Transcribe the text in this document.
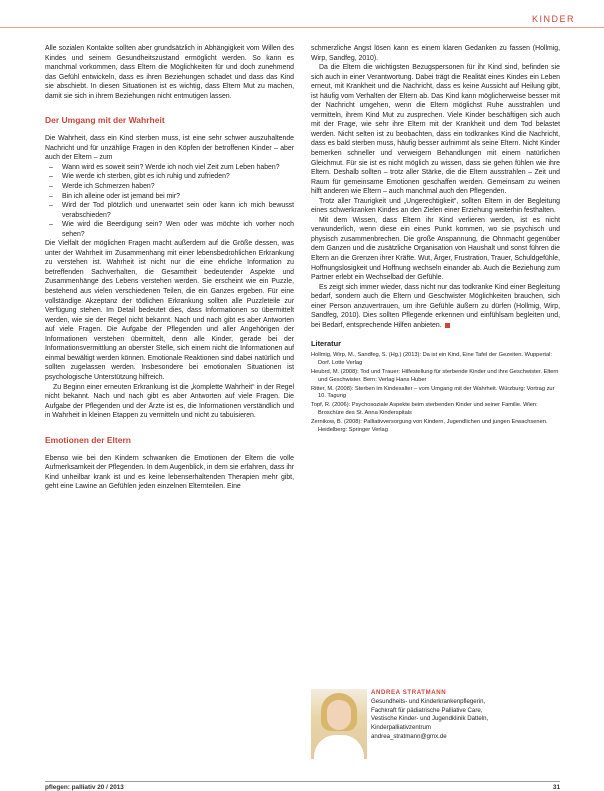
KINDER

Alle sozialen Kontakte sollten aber grundsätzlich in Abhängigkeit vom Willen des Kindes und seinem Gesundheitszustand ermöglicht werden. So kann es manchmal vorkommen, dass Eltern die Möglichkeiten für und doch zunehmend das Gefühl entwickeln, dass es ihren Beziehungen schadet und dass das Kind sie abschiebt. In diesen Situationen ist es wichtig, dass Eltern Mut zu machen, damit sie sich in ihrem Beziehungen nicht entmutigen lassen.

Der Umgang mit der Wahrheit

Die Wahrheit, dass ein Kind sterben muss, ist eine sehr schwer auszuhaltende Nachricht und für unzählige Fragen in den Köpfen der betroffenen Kinder – aber auch der Eltern – zum

– Wann wird es soweit sein? Werde ich noch viel Zeit zum Leben haben?
– Wie werde ich sterben, gibt es ich ruhig und zufrieden?
– Werde ich Schmerzen haben?
– Bin ich alleine oder ist jemand bei mir?
– Wird der Tod plötzlich und unerwartet sein oder kann ich mich bewusst verabschieden?
– Wie wird die Beerdigung sein? Wen oder was möchte ich vorher noch sehen?

Die Vielfalt der möglichen Fragen macht außerdem auf die Größe dessen, was unter der Wahrheit im Zusammenhang mit einer lebensbedrohlichen Erkrankung zu verstehen ist. Wahrheit ist nicht nur die eine ehrliche Information zu betreffenden Sachverhalten, die Gesamtheit bedeutender Aspekte und Zusammenhänge des Lebens verstehen werden. Sie erscheint wie ein Puzzle, bestehend aus vielen verschiedenen Teilen, die ein Ganzes ergeben. Für eine vollständige Akzeptanz der tödlichen Erkrankung sollten alle Puzzleteile zur Verfügung stehen. Im Detail bedeutet dies, dass Informationen so übermittelt werden, wie sie der Regel nicht bekannt. Nach und nach gibt es aber Antworten auf viele Fragen. Die Aufgabe der Pflegenden und aller Angehörigen der Informationen verstehen übermittelt, denn alle Kinder, gerade bei der Informationsvermittlung an oberster Stelle, sich einem nicht die Informationen auf einmal bewältigt werden können. Emotionale Reaktionen sind dabei natürlich und sollten zugelassen werden. Insbesondere bei emotionalen Situationen ist psychologische Unterstützung hilfreich.

Zu Beginn einer erneuten Erkrankung ist die „komplette Wahrheit“ in der Regel nicht bekannt. Nach und nach gibt es aber Antworten auf viele Fragen. Die Aufgabe der Pflegenden und der Ärzte ist es, die Informationen verständlich und in Wahrheit in kleinen Etappen zu vermitteln und nicht zu tabuisieren.

Emotionen der Eltern

Ebenso wie bei den Kindern schwanken die Emotionen der Eltern die volle Aufmerksamkeit der Pflegenden. In dem Augenblick, in dem sie erfahren, dass ihr Kind unheilbar krank ist und es keine lebenserhaltenden Therapien mehr gibt, geht eine Lawine an Gefühlen jeden einzelnen Elternteilen. Eine

schmerzliche Angst lösen kann es einem klaren Gedanken zu fassen (Hollmig, Wirp, Sandfeg, 2010).

Da die Eltern die wichtigsten Bezugspersonen für ihr Kind sind, befinden sie sich auch in einer Verantwortung. Dabei trägt die Realität eines Kindes ein Leben erneut, mit Krankheit und die Nachricht, dass es keine Aussicht auf Heilung gibt, ist häufig vom Verhalten der Eltern ab. Das Kind kann möglicherweise besser mit der Nachricht umgehen, wenn die Eltern möglichst Ruhe ausstrahlen und vermitteln, ihrem Kind Mut zu zusprechen. Viele Kinder beschäftigen sich auch mit der Frage, wie sehr ihre Eltern mit der Krankheit und dem Tod belastet werden. Nicht selten ist zu beobachten, dass ein todkrankes Kind die Nachricht, dass es bald sterben muss, häufig besser aufnimmt als seine Eltern. Nicht Kinder bemerken schneller und verweigern Behandlungen mit einem natürlichen Gleichmut. Für sie ist es nicht möglich zu wissen, dass sie gehen fühlen wie ihre Eltern. Deshalb sollten – trotz aller Stärke, die die Eltern ausstrahlen – Zeit und Raum für gemeinsame Emotionen geschaffen werden. Gemeinsam zu weinen hilft anderen wie Eltern – auch manchmal auch den Pflegenden.

Trotz aller Traurigkeit und „Ungerechtigkeit“, sollten Eltern in der Begleitung eines schwerkranken Kindes an den Zielen einer Erziehung weiterhin festhalten.

Mit dem Wissen, dass Eltern ihr Kind verlieren werden, ist es nicht verwunderlich, wenn diese ein eines Punkt kommen, wo sie psychisch und physisch zusammenbrechen. Die große Anspannung, die Ohnmacht gegenüber dem Ganzen und die zusätzliche Organisation von Haushalt und sonst führen die Eltern an die Grenzen ihrer Kräfte. Wut, Ärger, Frustration, Trauer, Schuldgefühle, Hoffnungslosigkeit und Hoffnung wechseln einander ab. Auch die Beziehung zum Partner erlebt ein Wechselbad der Gefühle.

Es zeigt sich immer wieder, dass nicht nur das todkranke Kind einer Begleitung bedarf, sondern auch die Eltern und Geschwister Möglichkeiten brauchen, sich einer Person anzuvertrauen, um ihre Gefühle äußern zu dürfen (Hollmig, Wirp, Sandfeg, 2010). Dies sollten Pflegende erkennen und einfühlsam begleiten und, bei Bedarf, entsprechende Hilfen anbieten.

Literatur

Hollmig, Wirp, M., Sandfeg, S. (Hg.) (2013): Da ist ein Kind, Eine Tafel der Gezeiten. Wuppertal: Dorf. Lotte Verlag

Heubrd, M. (2008): Tod und Trauer: Hilfestellung für sterbende Kinder und ihre Geschwister. Eltern und Geschwister. Bern: Verlag Hans Huber

Ritter, M. (2008): Sterben im Kindesalter – vom Umgang mit der Wahrheit. Würzburg: Vortrag zur 10. Tagung

Topf, R. (2006): Psychosoziale Aspekte beim sterbenden Kinder und seiner Familie. Wien: Broschüre des St. Anna Kinderspitals

Zernikow, B. (2008): Palliativversorgung von Kindern, Jugendlichen und jungen Erwachsenen. Heidelberg: Springer Verlag

ANDREA STRATMANN
Gesundheits- und Kinderkrankenpflegerin,
Fachkraft für pädiatrische Palliative Care,
Vestische Kinder- und Jugendklinik Datteln,
Kinderpalliativzentrum
andrea_stratmann@gmx.de
pflegen: palliativ 20 / 2013	31
